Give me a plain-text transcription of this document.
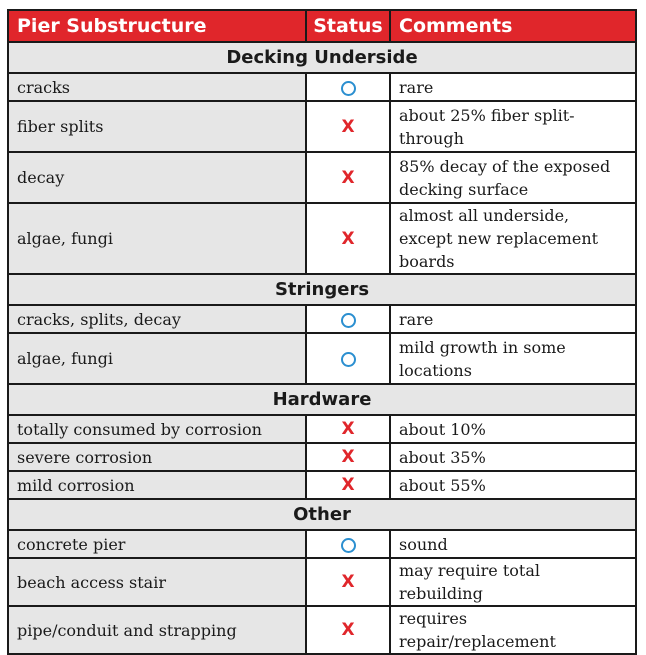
Pier Substructure	Status	Comments
Decking Underside		
cracks		rare
fiber splits	X	about 25% fiber split-through
decay	X	85% decay of the exposed decking surface
algae, fungi	X	almost all underside, except new replacement boards
Stringers		
cracks, splits, decay		rare
algae, fungi		mild growth in some locations
Hardware		
totally consumed by corrosion	X	about 10%
severe corrosion	X	about 35%
mild corrosion	X	about 55%
Other		
concrete pier		sound
beach access stair	X	may require total rebuilding
pipe/conduit and strapping	X	requires repair/replacement
